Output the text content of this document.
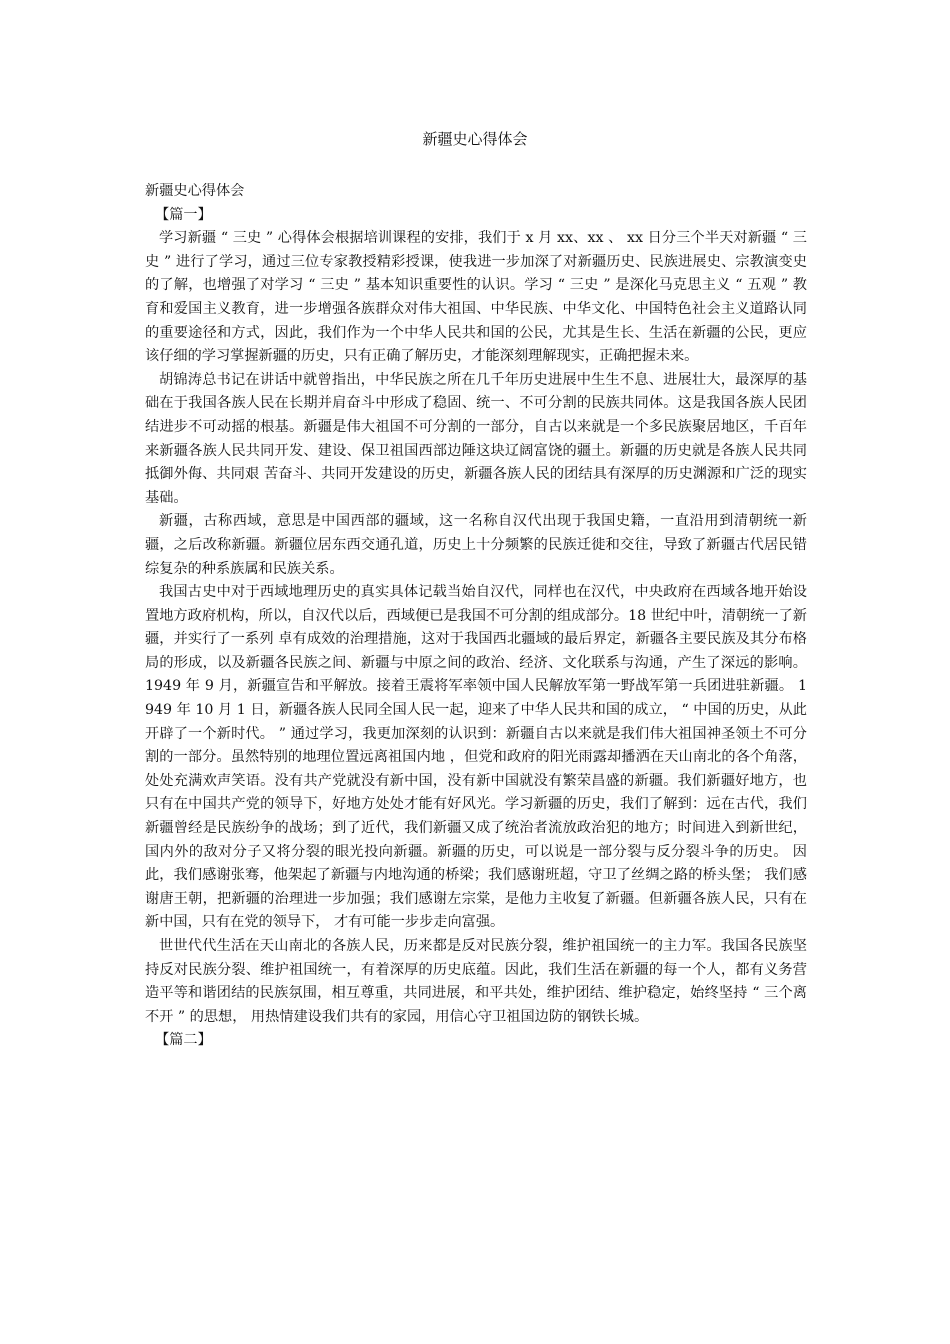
新疆史心得体会

新疆史心得体会

【篇一】

学习新疆 “ 三史 ” 心得体会根据培训课程的安排，我们于 x 月 xx、xx 、 xx 日分三个半天对新疆 “ 三史 ” 进行了学习，通过三位专家教授精彩授课，使我进一步加深了对新疆历史、民族进展史、宗教演变史的了解，也增强了对学习 “ 三史 ” 基本知识重要性的认识。学习 “ 三史 ” 是深化马克思主义 “ 五观 ” 教育和爱国主义教育，进一步增强各族群众对伟大祖国、中华民族、中华文化、中国特色社会主义道路认同的重要途径和方式，因此，我们作为一个中华人民共和国的公民，尤其是生长、生活在新疆的公民，更应该仔细的学习掌握新疆的历史，只有正确了解历史，才能深刻理解现实，正确把握未来。

胡锦涛总书记在讲话中就曾指出，中华民族之所在几千年历史进展中生生不息、进展壮大，最深厚的基础在于我国各族人民在长期并肩奋斗中形成了稳固、统一、不可分割的民族共同体。这是我国各族人民团结进步不可动摇的根基。新疆是伟大祖国不可分割的一部分，自古以来就是一个多民族聚居地区，千百年来新疆各族人民共同开发、建设、保卫祖国西部边陲这块辽阔富饶的疆土。新疆的历史就是各族人民共同抵御外侮、共同艰 苦奋斗、共同开发建设的历史，新疆各族人民的团结具有深厚的历史渊源和广泛的现实基础。

新疆，古称西域，意思是中国西部的疆域，这一名称自汉代出现于我国史籍，一直沿用到清朝统一新疆，之后改称新疆。新疆位居东西交通孔道，历史上十分频繁的民族迁徙和交往，导致了新疆古代居民错综复杂的种系族属和民族关系。

我国古史中对于西域地理历史的真实具体记载当始自汉代，同样也在汉代，中央政府在西域各地开始设置地方政府机构，所以，自汉代以后，西域便已是我国不可分割的组成部分。18 世纪中叶，清朝统一了新疆，并实行了一系列 卓有成效的治理措施，这对于我国西北疆域的最后界定，新疆各主要民族及其分布格局的形成，以及新疆各民族之间、新疆与中原之间的政治、经济、文化联系与沟通，产生了深远的影响。 1949 年 9 月，新疆宣告和平解放。接着王震将军率领中国人民解放军第一野战军第一兵团进驻新疆。 1949 年 10 月 1 日，新疆各族人民同全国人民一起，迎来了中华人民共和国的成立， “ 中国的历史，从此开辟了一个新时代。 ” 通过学习，我更加深刻的认识到：新疆自古以来就是我们伟大祖国神圣领土不可分割的一部分。虽然特别的地理位置远离祖国内地 ，但党和政府的阳光雨露却播洒在天山南北的各个角落，处处充满欢声笑语。没有共产党就没有新中国，没有新中国就没有繁荣昌盛的新疆。我们新疆好地方，也只有在中国共产党的领导下，好地方处处才能有好风光。学习新疆的历史，我们了解到：远在古代，我们新疆曾经是民族纷争的战场；到了近代，我们新疆又成了统治者流放政治犯的地方；时间进入到新世纪，国内外的敌对分子又将分裂的眼光投向新疆。新疆的历史，可以说是一部分裂与反分裂斗争的历史。 因此，我们感谢张骞，他架起了新疆与内地沟通的桥梁；我们感谢班超，守卫了丝绸之路的桥头堡； 我们感谢唐王朝，把新疆的治理进一步加强；我们感谢左宗棠，是他力主收复了新疆。但新疆各族人民，只有在新中国，只有在党的领导下， 才有可能一步步走向富强。

世世代代生活在天山南北的各族人民，历来都是反对民族分裂，维护祖国统一的主力军。我国各民族坚持反对民族分裂、维护祖国统一，有着深厚的历史底蕴。因此，我们生活在新疆的每一个人，都有义务营造平等和谐团结的民族氛围，相互尊重，共同进展，和平共处，维护团结、维护稳定，始终坚持 “ 三个离不开 ” 的思想， 用热情建设我们共有的家园，用信心守卫祖国边防的钢铁长城。

【篇二】
